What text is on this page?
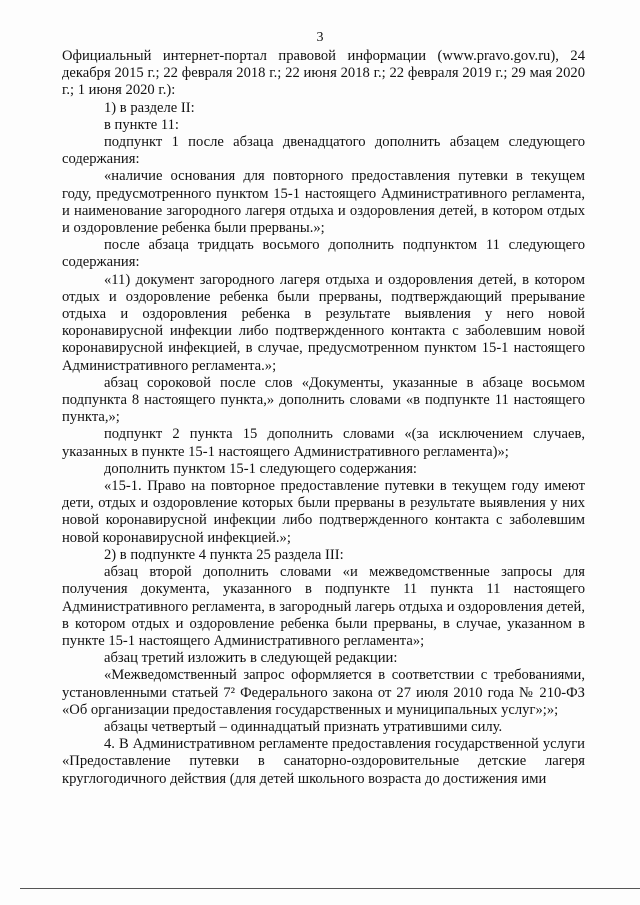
3

Официальный интернет-портал правовой информации (www.pravo.gov.ru), 24 декабря 2015 г.; 22 февраля 2018 г.; 22 июня 2018 г.; 22 февраля 2019 г.; 29 мая 2020 г.; 1 июня 2020 г.):

1) в разделе II:

в пункте 11:

подпункт 1 после абзаца двенадцатого дополнить абзацем следующего содержания:

«наличие основания для повторного предоставления путевки в текущем году, предусмотренного пунктом 15-1 настоящего Административного регламента, и наименование загородного лагеря отдыха и оздоровления детей, в котором отдых и оздоровление ребенка были прерваны.»;

после абзаца тридцать восьмого дополнить подпунктом 11 следующего содержания:

«11) документ загородного лагеря отдыха и оздоровления детей, в котором отдых и оздоровление ребенка были прерваны, подтверждающий прерывание отдыха и оздоровления ребенка в результате выявления у него новой коронавирусной инфекции либо подтвержденного контакта с заболевшим новой коронавирусной инфекцией, в случае, предусмотренном пунктом 15-1 настоящего Административного регламента.»;

абзац сороковой после слов «Документы, указанные в абзаце восьмом подпункта 8 настоящего пункта,» дополнить словами «в подпункте 11 настоящего пункта,»;

подпункт 2 пункта 15 дополнить словами «(за исключением случаев, указанных в пункте 15-1 настоящего Административного регламента)»;

дополнить пунктом 15-1 следующего содержания:

«15-1. Право на повторное предоставление путевки в текущем году имеют дети, отдых и оздоровление которых были прерваны в результате выявления у них новой коронавирусной инфекции либо подтвержденного контакта с заболевшим новой коронавирусной инфекцией.»;

2) в подпункте 4 пункта 25 раздела III:

абзац второй дополнить словами «и межведомственные запросы для получения документа, указанного в подпункте 11 пункта 11 настоящего Административного регламента, в загородный лагерь отдыха и оздоровления детей, в котором отдых и оздоровление ребенка были прерваны, в случае, указанном в пункте 15-1 настоящего Административного регламента»;

абзац третий изложить в следующей редакции:

«Межведомственный запрос оформляется в соответствии с требованиями, установленными статьей 7² Федерального закона от 27 июля 2010 года № 210-ФЗ «Об организации предоставления государственных и муниципальных услуг»;»;

абзацы четвертый – одиннадцатый признать утратившими силу.

4. В Административном регламенте предоставления государственной услуги «Предоставление путевки в санаторно-оздоровительные детские лагеря круглогодичного действия (для детей школьного возраста до достижения ими
